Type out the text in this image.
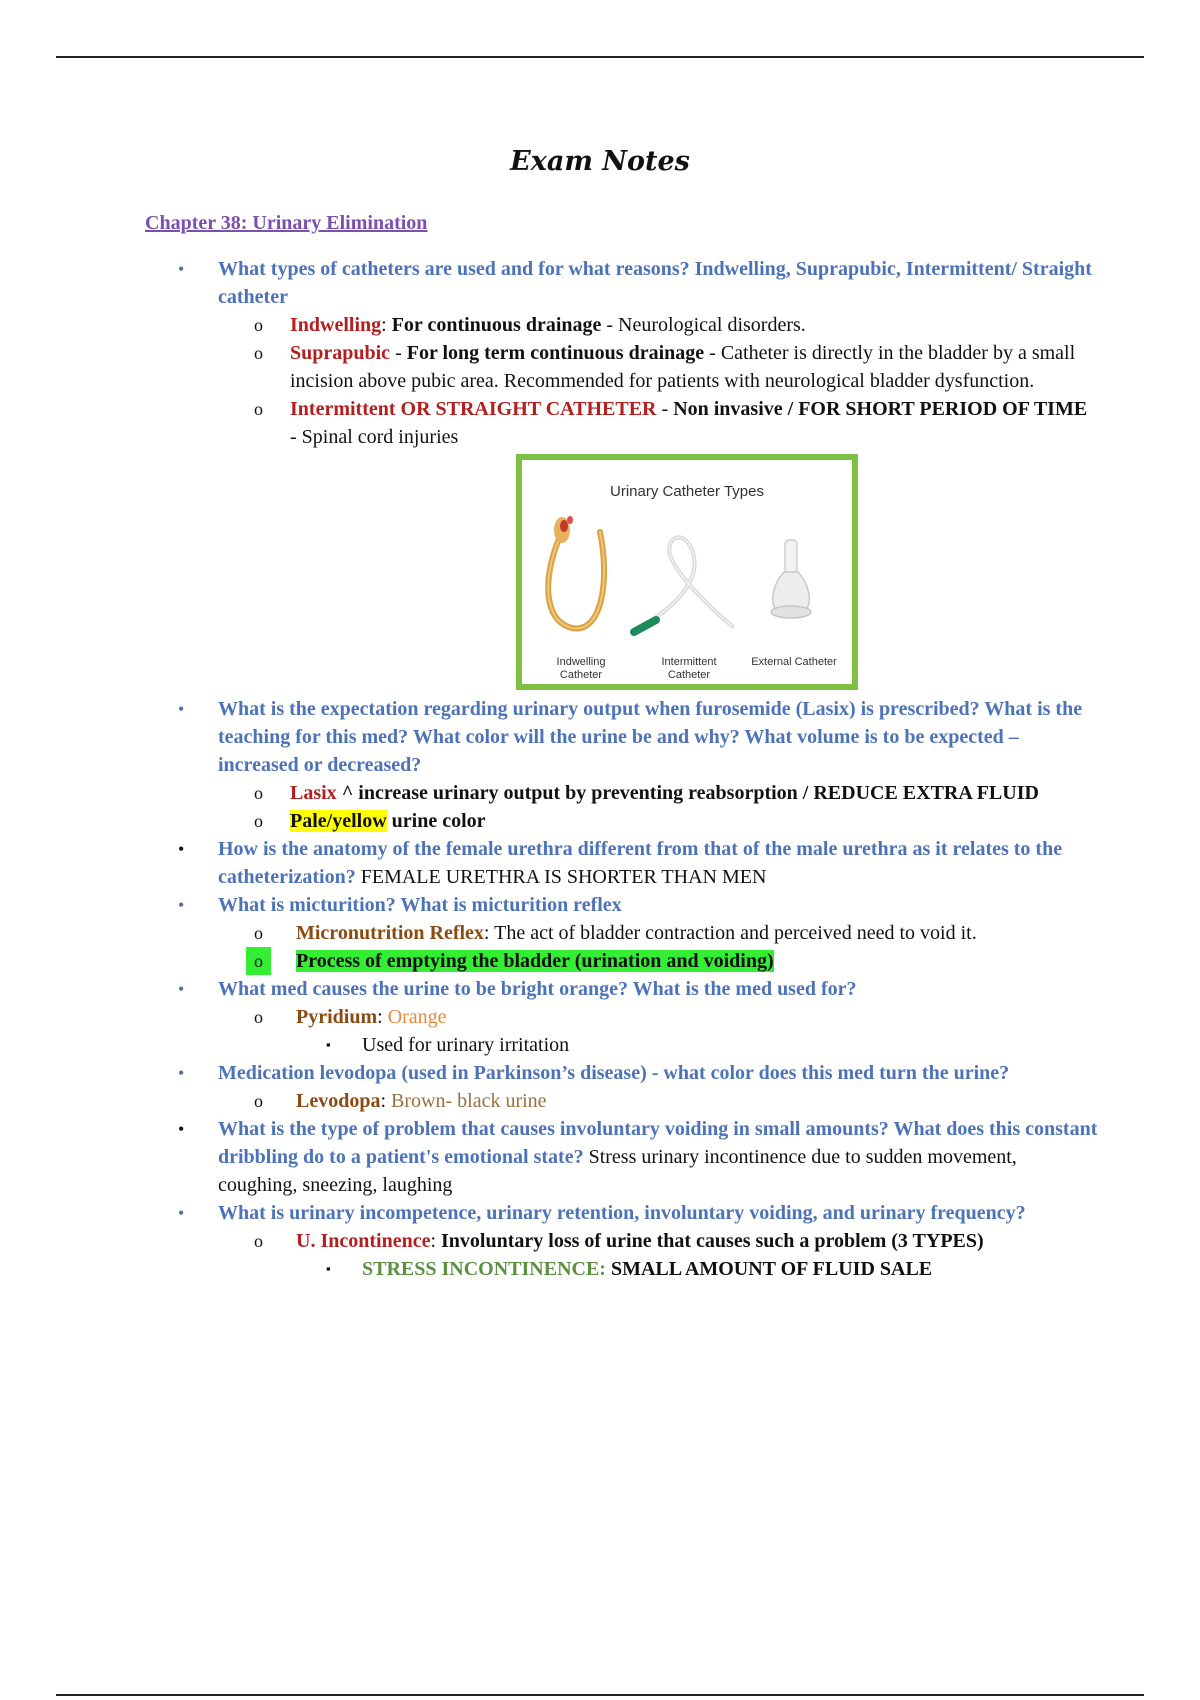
Exam Notes
Chapter 38: Urinary Elimination
• What types of catheters are used and for what reasons? Indwelling, Suprapubic, Intermittent/ Straight catheter
o Indwelling: For continuous drainage - Neurological disorders.
o Suprapubic - For long term continuous drainage - Catheter is directly in the bladder by a small incision above pubic area. Recommended for patients with neurological bladder dysfunction.
o Intermittent OR STRAIGHT CATHETER - Non invasive / FOR SHORT PERIOD OF TIME - Spinal cord injuries
Urinary Catheter Types
Indwelling Catheter
Intermittent Catheter
External Catheter
• What is the expectation regarding urinary output when furosemide (Lasix) is prescribed? What is the teaching for this med? What color will the urine be and why? What volume is to be expected – increased or decreased?
o Lasix ^ increase urinary output by preventing reabsorption / REDUCE EXTRA FLUID
o Pale/yellow urine color
• How is the anatomy of the female urethra different from that of the male urethra as it relates to the catheterization? FEMALE URETHRA IS SHORTER THAN MEN
• What is micturition? What is micturition reflex
o Micronutrition Reflex: The act of bladder contraction and perceived need to void it.
o	Process of emptying the bladder (urination and voiding)
• What med causes the urine to be bright orange? What is the med used for?
o Pyridium: Orange
▪ Used for urinary irritation
• Medication levodopa (used in Parkinson’s disease) - what color does this med turn the urine?
o Levodopa: Brown- black urine
• What is the type of problem that causes involuntary voiding in small amounts? What does this constant dribbling do to a patient's emotional state? Stress urinary incontinence due to sudden movement, coughing, sneezing, laughing
• What is urinary incompetence, urinary retention, involuntary voiding, and urinary frequency?
o U. Incontinence: Involuntary loss of urine that causes such a problem (3 TYPES)
▪ STRESS INCONTINENCE: SMALL AMOUNT OF FLUID SALE
